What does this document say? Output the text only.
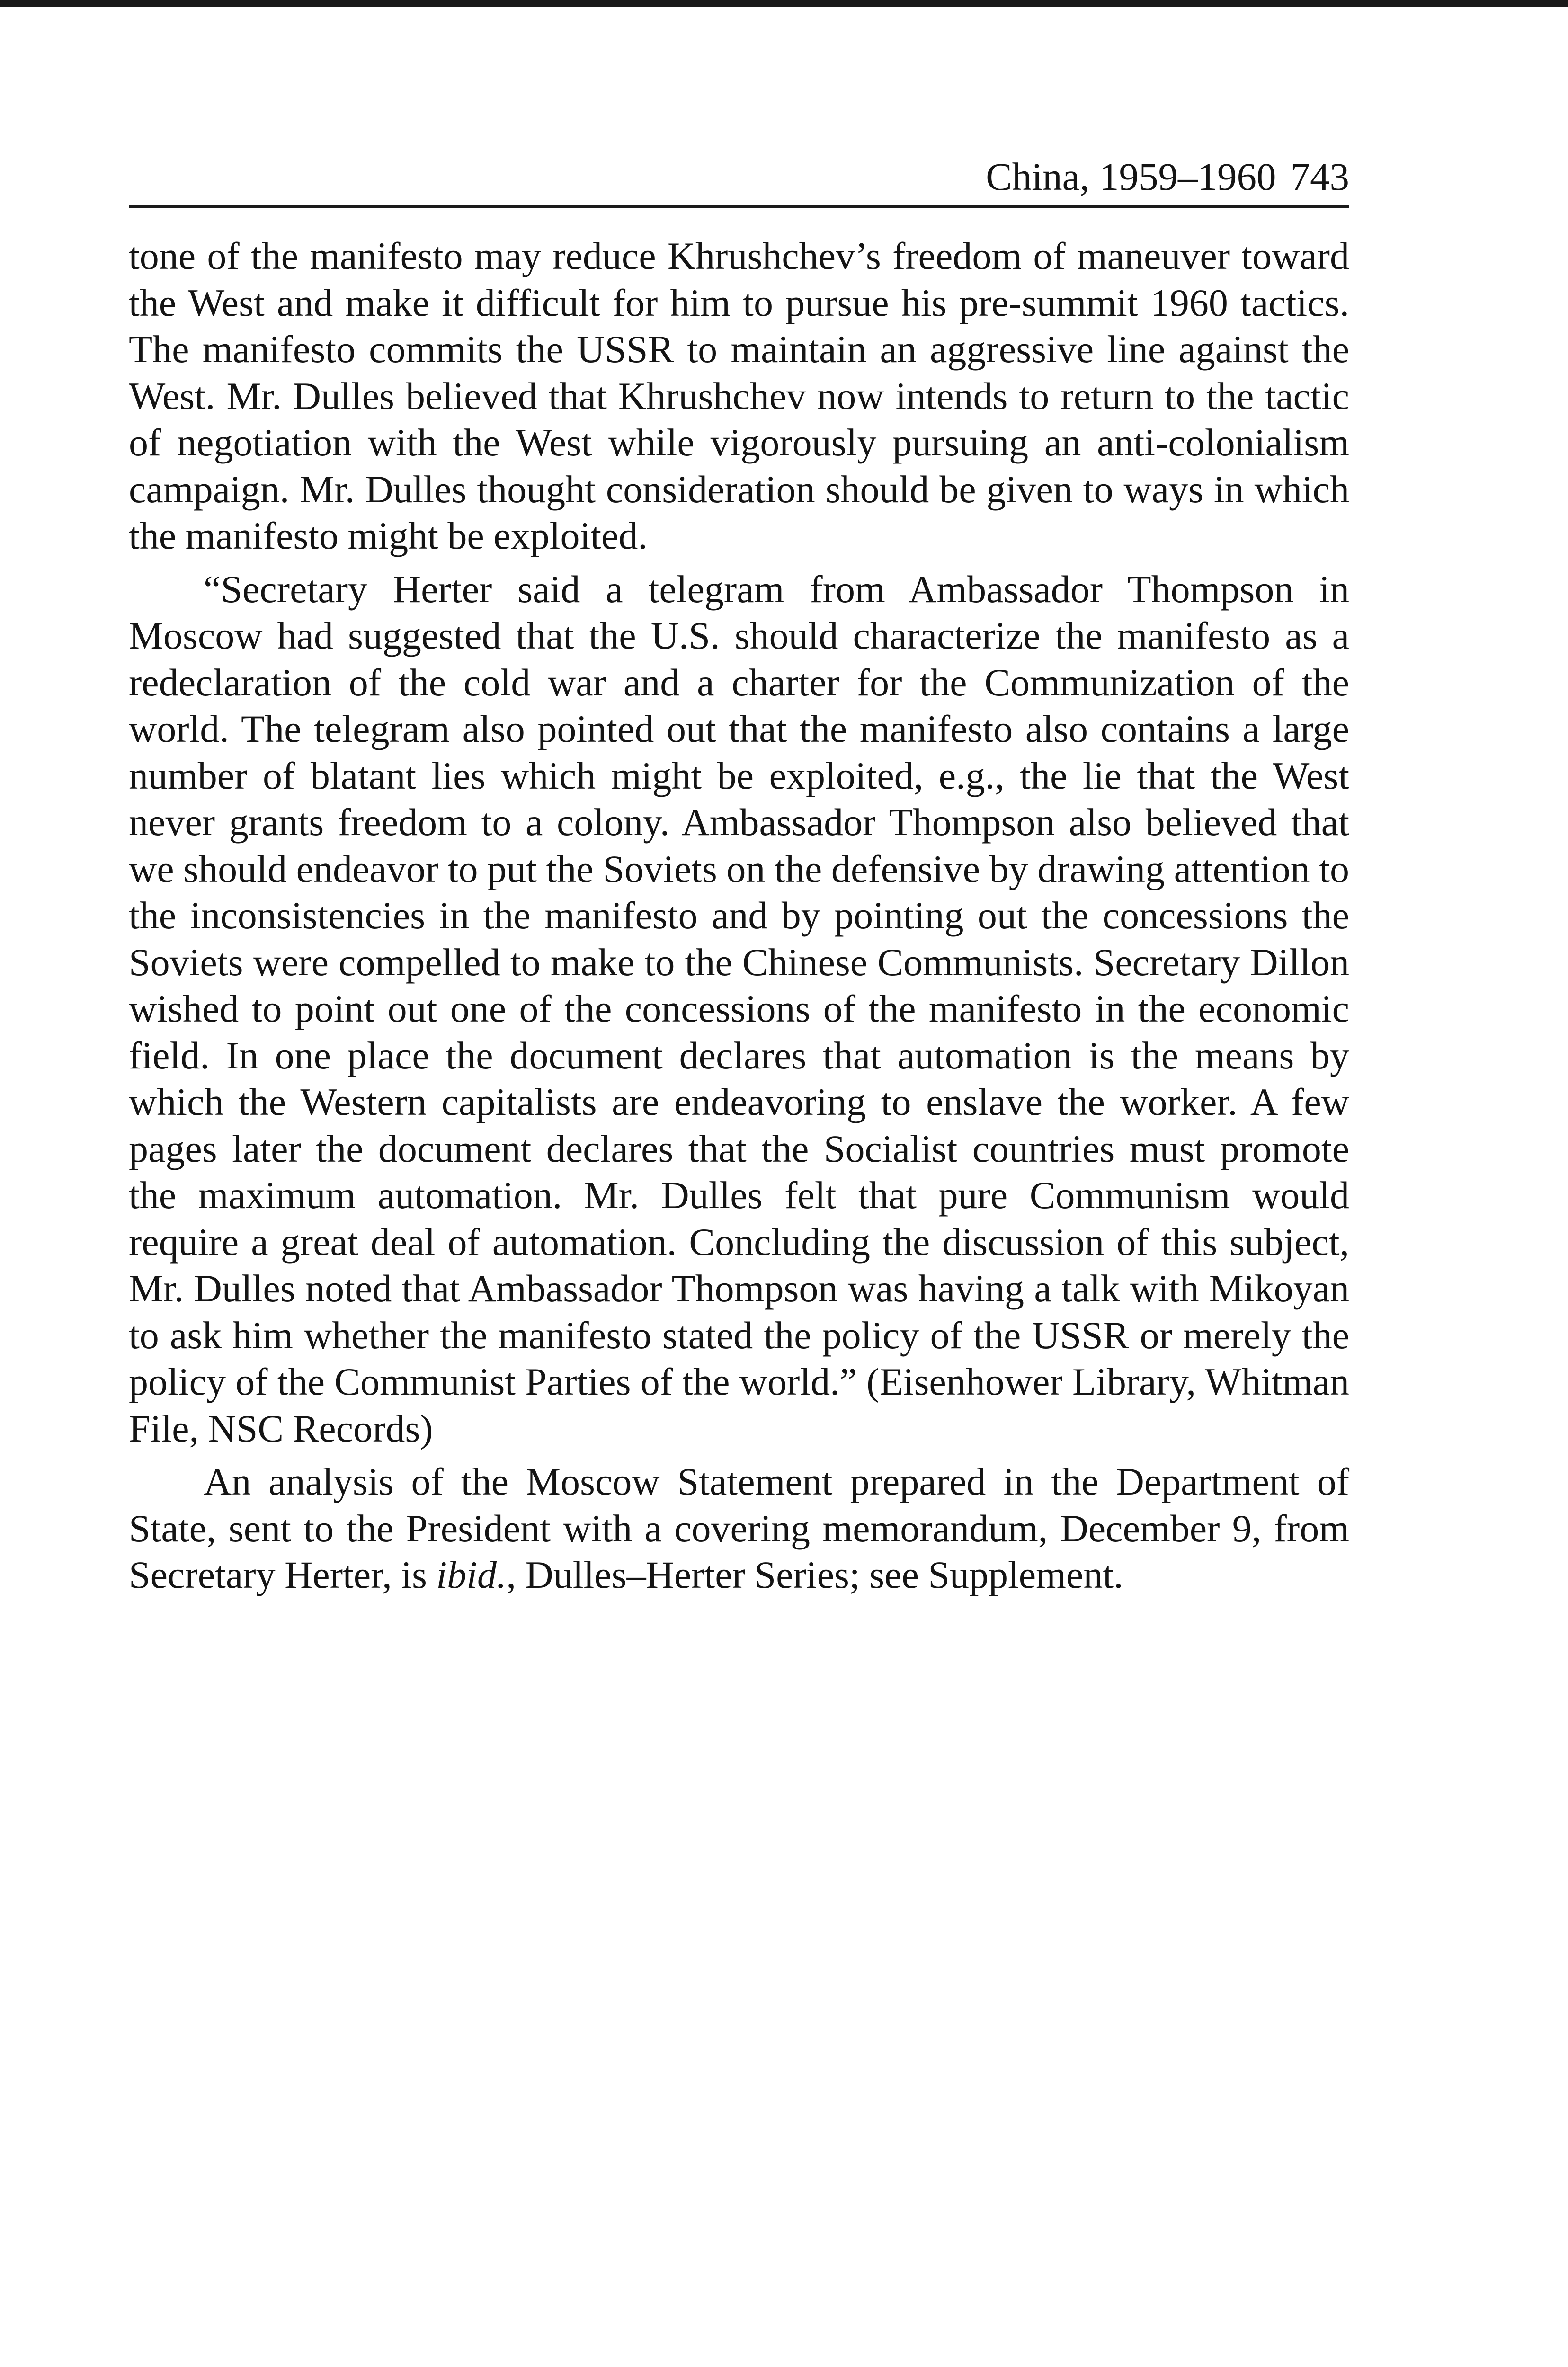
China, 1959–1960 743

tone of the manifesto may reduce Khrushchev’s freedom of maneuver toward the West and make it difficult for him to pursue his pre-summit 1960 tactics. The manifesto commits the USSR to maintain an aggressive line against the West. Mr. Dulles believed that Khrushchev now intends to return to the tactic of negotiation with the West while vigorously pursuing an anti-colonialism campaign. Mr. Dulles thought consideration should be given to ways in which the manifesto might be exploited.

“Secretary Herter said a telegram from Ambassador Thompson in Moscow had suggested that the U.S. should characterize the manifesto as a redeclaration of the cold war and a charter for the Communization of the world. The telegram also pointed out that the manifesto also contains a large number of blatant lies which might be exploited, e.g., the lie that the West never grants freedom to a colony. Ambassador Thompson also believed that we should endeavor to put the Soviets on the defensive by drawing attention to the inconsistencies in the manifesto and by pointing out the concessions the Soviets were compelled to make to the Chinese Communists. Secretary Dillon wished to point out one of the concessions of the manifesto in the economic field. In one place the document declares that automation is the means by which the Western capitalists are endeavoring to enslave the worker. A few pages later the document declares that the Socialist countries must promote the maximum automation. Mr. Dulles felt that pure Communism would require a great deal of automation. Concluding the discussion of this subject, Mr. Dulles noted that Ambassador Thompson was having a talk with Mikoyan to ask him whether the manifesto stated the policy of the USSR or merely the policy of the Communist Parties of the world.” (Eisenhower Library, Whitman File, NSC Records)

An analysis of the Moscow Statement prepared in the Department of State, sent to the President with a covering memorandum, December 9, from Secretary Herter, is ibid., Dulles–Herter Series; see Supplement.
